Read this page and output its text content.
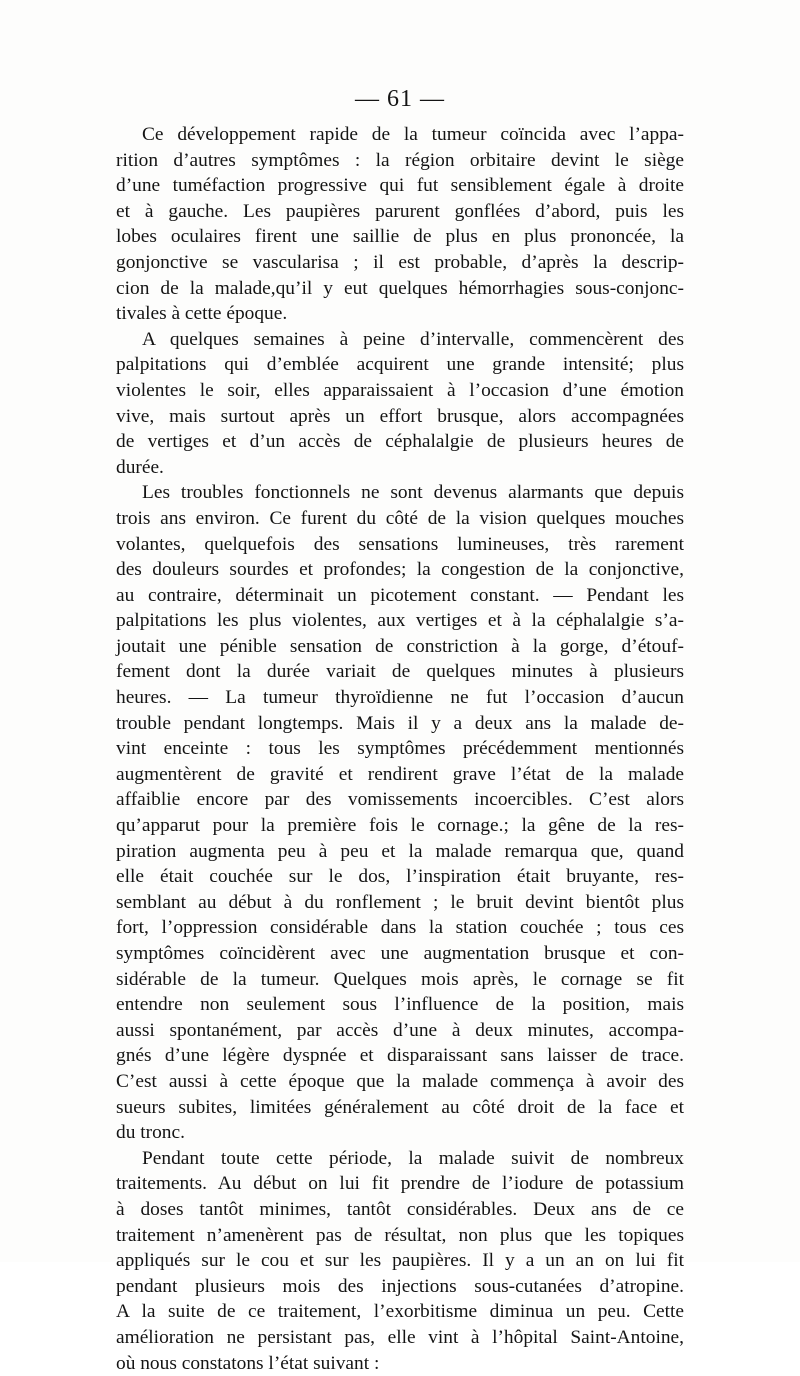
— 61 —
Ce développement rapide de la tumeur coïncida avec l’appa-
rition d’autres symptômes : la région orbitaire devint le siège
d’une tuméfaction progressive qui fut sensiblement égale à droite
et à gauche. Les paupières parurent gonflées d’abord, puis les
lobes oculaires firent une saillie de plus en plus prononcée, la
gonjonctive se vascularisa ; il est probable, d’après la descrip-
cion de la malade,qu’il y eut quelques hémorrhagies sous-conjonc-
tivales à cette époque.
A quelques semaines à peine d’intervalle, commencèrent des
palpitations qui d’emblée acquirent une grande intensité; plus
violentes le soir, elles apparaissaient à l’occasion d’une émotion
vive, mais surtout après un effort brusque, alors accompagnées
de vertiges et d’un accès de céphalalgie de plusieurs heures de
durée.
Les troubles fonctionnels ne sont devenus alarmants que depuis
trois ans environ. Ce furent du côté de la vision quelques mouches
volantes, quelquefois des sensations lumineuses, très rarement
des douleurs sourdes et profondes; la congestion de la conjonctive,
au contraire, déterminait un picotement constant. — Pendant les
palpitations les plus violentes, aux vertiges et à la céphalalgie s’a-
joutait une pénible sensation de constriction à la gorge, d’étouf-
fement dont la durée variait de quelques minutes à plusieurs
heures. — La tumeur thyroïdienne ne fut l’occasion d’aucun
trouble pendant longtemps. Mais il y a deux ans la malade de-
vint enceinte : tous les symptômes précédemment mentionnés
augmentèrent de gravité et rendirent grave l’état de la malade
affaiblie encore par des vomissements incoercibles. C’est alors
qu’apparut pour la première fois le cornage.; la gêne de la res-
piration augmenta peu à peu et la malade remarqua que, quand
elle était couchée sur le dos, l’inspiration était bruyante, res-
semblant au début à du ronflement ; le bruit devint bientôt plus
fort, l’oppression considérable dans la station couchée ; tous ces
symptômes coïncidèrent avec une augmentation brusque et con-
sidérable de la tumeur. Quelques mois après, le cornage se fit
entendre non seulement sous l’influence de la position, mais
aussi spontanément, par accès d’une à deux minutes, accompa-
gnés d’une légère dyspnée et disparaissant sans laisser de trace.
C’est aussi à cette époque que la malade commença à avoir des
sueurs subites, limitées généralement au côté droit de la face et
du tronc.
Pendant toute cette période, la malade suivit de nombreux
traitements. Au début on lui fit prendre de l’iodure de potassium
à doses tantôt minimes, tantôt considérables. Deux ans de ce
traitement n’amenèrent pas de résultat, non plus que les topiques
appliqués sur le cou et sur les paupières. Il y a un an on lui fit
pendant plusieurs mois des injections sous-cutanées d’atropine.
A la suite de ce traitement, l’exorbitisme diminua un peu. Cette
amélioration ne persistant pas, elle vint à l’hôpital Saint-Antoine,
où nous constatons l’état suivant :
